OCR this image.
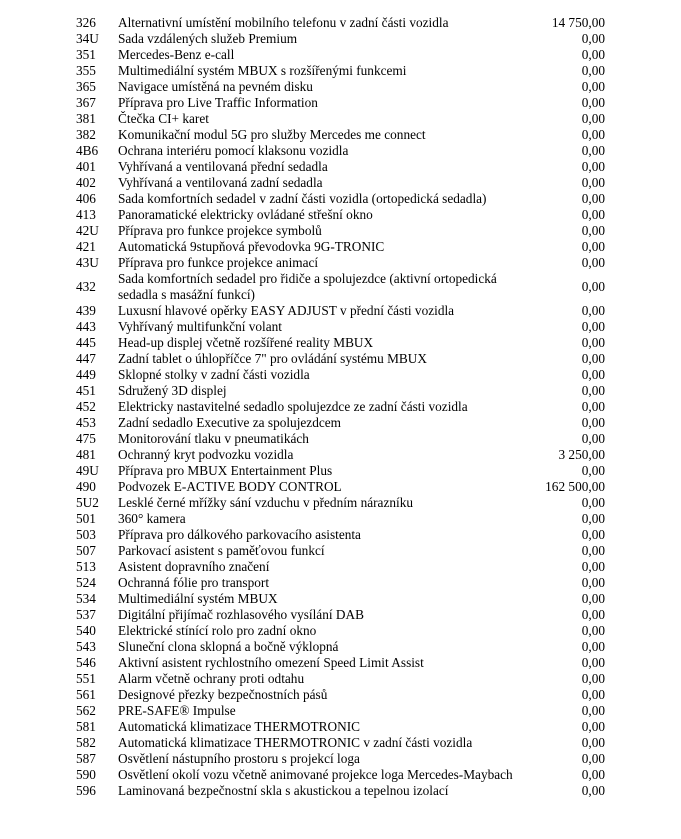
326	Alternativní umístění mobilního telefonu v zadní části vozidla	14 750,00	
34U	Sada vzdálených služeb Premium	0,00	
351	Mercedes-Benz e-call	0,00	
355	Multimediální systém MBUX s rozšířenými funkcemi	0,00	
365	Navigace umístěná na pevném disku	0,00	
367	Příprava pro Live Traffic Information	0,00	
381	Čtečka CI+ karet	0,00	
382	Komunikační modul 5G pro služby Mercedes me connect	0,00	
4B6	Ochrana interiéru pomocí klaksonu vozidla	0,00	
401	Vyhřívaná a ventilovaná přední sedadla	0,00	
402	Vyhřívaná a ventilovaná zadní sedadla	0,00	
406	Sada komfortních sedadel v zadní části vozidla (ortopedická sedadla)	0,00	
413	Panoramatické elektricky ovládané střešní okno	0,00	
42U	Příprava pro funkce projekce symbolů	0,00	
421	Automatická 9stupňová převodovka 9G-TRONIC	0,00	
43U	Příprava pro funkce projekce animací	0,00	
432	Sada komfortních sedadel pro řidiče a spolujezdce (aktivní ortopedická sedadla s masážní funkcí)	0,00	
439	Luxusní hlavové opěrky EASY ADJUST v přední části vozidla	0,00	
443	Vyhřívaný multifunkční volant	0,00	
445	Head-up displej včetně rozšířené reality MBUX	0,00	
447	Zadní tablet o úhlopříčce 7" pro ovládání systému MBUX	0,00	
449	Sklopné stolky v zadní části vozidla	0,00	
451	Sdružený 3D displej	0,00	
452	Elektricky nastavitelné sedadlo spolujezdce ze zadní části vozidla	0,00	
453	Zadní sedadlo Executive za spolujezdcem	0,00	
475	Monitorování tlaku v pneumatikách	0,00	
481	Ochranný kryt podvozku vozidla	3 250,00	
49U	Příprava pro MBUX Entertainment Plus	0,00	
490	Podvozek E-ACTIVE BODY CONTROL	162 500,00	
5U2	Lesklé černé mřížky sání vzduchu v předním nárazníku	0,00	
501	360° kamera	0,00	
503	Příprava pro dálkového parkovacího asistenta	0,00	
507	Parkovací asistent s paměťovou funkcí	0,00	
513	Asistent dopravního značení	0,00	
524	Ochranná fólie pro transport	0,00	
534	Multimediální systém MBUX	0,00	
537	Digitální přijímač rozhlasového vysílání DAB	0,00	
540	Elektrické stínící rolo pro zadní okno	0,00	
543	Sluneční clona sklopná a bočně výklopná	0,00	
546	Aktivní asistent rychlostního omezení Speed Limit Assist	0,00	
551	Alarm včetně ochrany proti odtahu	0,00	
561	Designové přezky bezpečnostních pásů	0,00	
562	PRE-SAFE® Impulse	0,00	
581	Automatická klimatizace THERMOTRONIC	0,00	
582	Automatická klimatizace THERMOTRONIC v zadní části vozidla	0,00	
587	Osvětlení nástupního prostoru s projekcí loga	0,00	
590	Osvětlení okolí vozu včetně animované projekce loga Mercedes-Maybach	0,00	
596	Laminovaná bezpečnostní skla s akustickou a tepelnou izolací	0,00	
